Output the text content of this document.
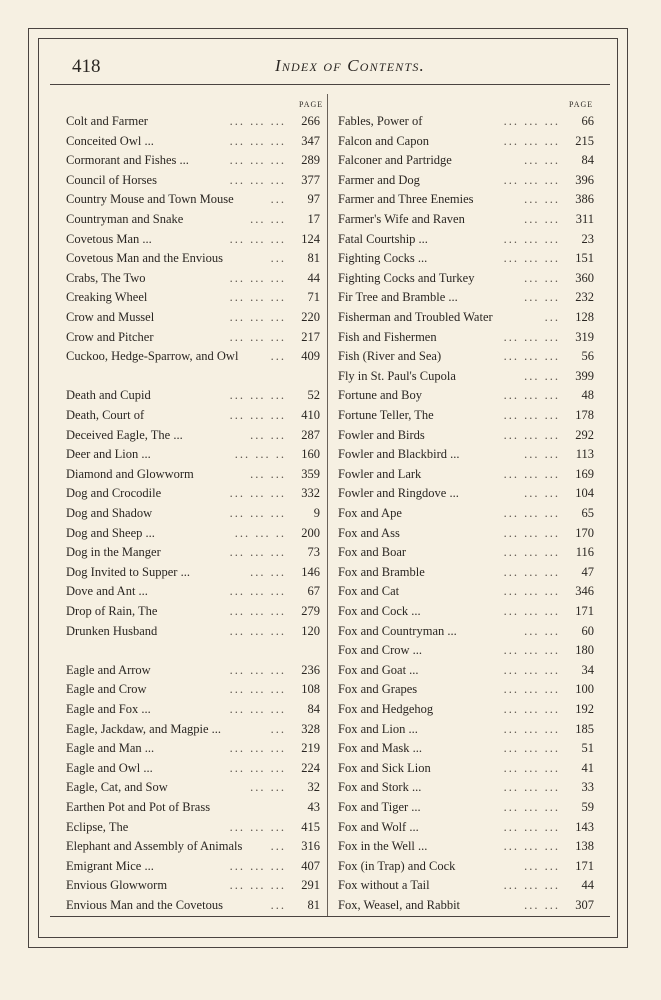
418	Index of Contents.
PAGE	PAGE
Colt and Farmer	... ... ... 266
Conceited Owl ...	... ... ... 347
Cormorant and Fishes ...	... ... ... 289
Council of Horses	... ... ... 377
Country Mouse and Town Mouse	... 97
Countryman and Snake	... ... 17
Covetous Man ...	... ... ... 124
Covetous Man and the Envious	... 81
Crabs, The Two	... ... ... 44
Creaking Wheel	... ... ... 71
Crow and Mussel	... ... ... 220
Crow and Pitcher	... ... ... 217
Cuckoo, Hedge-Sparrow, and Owl	... 409
Death and Cupid	... ... ... 52
Death, Court of	... ... ... 410
Deceived Eagle, The ...	... ... 287
Deer and Lion ...	... ... .. 160
Diamond and Glowworm	... ... 359
Dog and Crocodile	... ... ... 332
Dog and Shadow	... ... ... 9
Dog and Sheep ...	... ... .. 200
Dog in the Manger	... ... ... 73
Dog Invited to Supper ...	... ... 146
Dove and Ant ...	... ... ... 67
Drop of Rain, The	... ... ... 279
Drunken Husband	... ... ... 120
Eagle and Arrow	... ... ... 236
Eagle and Crow	... ... ... 108
Eagle and Fox ...	... ... ... 84
Eagle, Jackdaw, and Magpie ...	... 328
Eagle and Man ...	... ... ... 219
Eagle and Owl ...	... ... ... 224
Eagle, Cat, and Sow	... ... 32
Earthen Pot and Pot of Brass	43
Eclipse, The	... ... ... 415
Elephant and Assembly of Animals ... 316
Emigrant Mice ...	... ... ... 407
Envious Glowworm	... ... ... 291
Envious Man and the Covetous	... 81
Fables, Power of	... ... ... 66
Falcon and Capon	... ... ... 215
Falconer and Partridge	... ... 84
Farmer and Dog	... ... ... 396
Farmer and Three Enemies	... ... 386
Farmer's Wife and Raven	... ... 311
Fatal Courtship ...	... ... ... 23
Fighting Cocks ...	... ... ... 151
Fighting Cocks and Turkey	... ... 360
Fir Tree and Bramble ...	... ... 232
Fisherman and Troubled Water	... 128
Fish and Fishermen	... ... ... 319
Fish (River and Sea)	... ... ... 56
Fly in St. Paul's Cupola	... ... 399
Fortune and Boy	... ... ... 48
Fortune Teller, The	... ... ... 178
Fowler and Birds	... ... ... 292
Fowler and Blackbird ...	... ... 113
Fowler and Lark	... ... ... 169
Fowler and Ringdove ...	... ... 104
Fox and Ape	... ... ... 65
Fox and Ass	... ... ... 170
Fox and Boar	... ... ... 116
Fox and Bramble	... ... ... 47
Fox and Cat	... ... ... 346
Fox and Cock ...	... ... ... 171
Fox and Countryman ...	... ... 60
Fox and Crow ...	... ... ... 180
Fox and Goat ...	... ... ... 34
Fox and Grapes	... ... ... 100
Fox and Hedgehog	... ... ... 192
Fox and Lion ...	... ... ... 185
Fox and Mask ...	... ... ... 51
Fox and Sick Lion	... ... ... 41
Fox and Stork ...	... ... ... 33
Fox and Tiger ...	... ... ... 59
Fox and Wolf ...	... ... ... 143
Fox in the Well ...	... ... ... 138
Fox (in Trap) and Cock	... ... 171
Fox without a Tail	... ... ... 44
Fox, Weasel, and Rabbit	... ... 307
